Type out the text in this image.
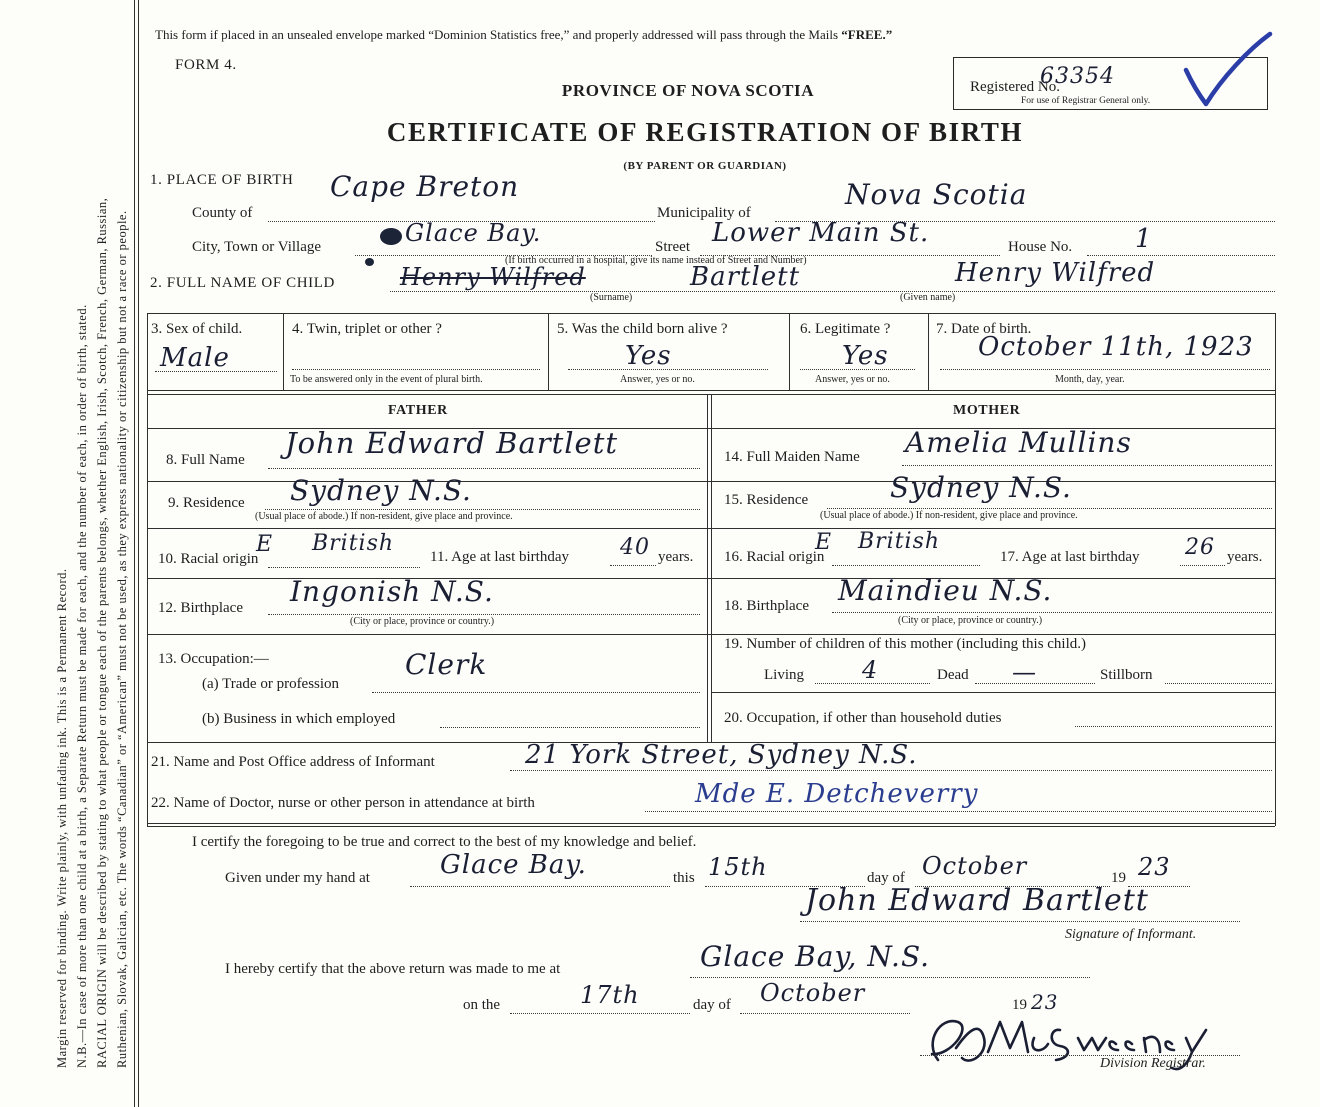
Margin reserved for binding. Write plainly, with unfading ink. This is a Permanent Record. N.B.—In case of more than one child at a birth, a Separate Return must be made for each, and the number of each, in order of birth, stated. RACIAL ORIGIN will be described by stating to what people or tongue each of the parents belongs, whether English, Irish, Scotch, French, German, Russian, Ruthenian, Slovak, Galician, etc. The words “Canadian” or “American” must not be used, as they express nationality or citizenship but not a race or people.
This form if placed in an unsealed envelope marked “Dominion Statistics free,” and properly addressed will pass through the Mails “FREE.”
FORM 4.
Registered No.
63354
For use of Registrar General only.
PROVINCE OF NOVA SCOTIA
CERTIFICATE OF REGISTRATION OF BIRTH
(BY PARENT OR GUARDIAN)
1. PLACE OF BIRTH Cape Breton
County of	Municipality of
Nova Scotia
City, Town or Village	Glace Bay.	Street Lower Main St.	House No. 1
(If birth occurred in a hospital, give its name instead of Street and Number)
2. FULL NAME OF CHILD	Henry Wilfred	Bartlett	Henry Wilfred
(Surname)	(Given name)
3. Sex of child.
Male
4. Twin, triplet or other ?
To be answered only in the event of plural birth.
5. Was the child born alive ?
Yes
Answer, yes or no.
6. Legitimate ?
Yes
Answer, yes or no.
7. Date of birth.
October 11th, 1923
Month, day, year.
FATHER	MOTHER
8. Full Name John Edward Bartlett
9. Residence Sydney N.S.
(Usual place of abode.) If non-resident, give place and province.
10. Racial origin
E British
11. Age at last birthday 40 years.
12. Birthplace Ingonish N.S.
(City or place, province or country.)
13. Occupation:—
(a) Trade or profession
Clerk
(b) Business in which employed
14. Full Maiden Name Amelia Mullins
15. Residence	Sydney N.S.
(Usual place of abode.) If non-resident, give place and province.
16. Racial origin
E British
17. Age at last birthday 26 years.
18. Birthplace Maindieu N.S.
(City or place, province or country.)
19. Number of children of this mother (including this child.)
Living 4	Dead —	Stillborn
20. Occupation, if other than household duties
21. Name and Post Office address of Informant	21 York Street, Sydney N.S.
22. Name of Doctor, nurse or other person in attendance at birth	Mde E. Detcheverry
I certify the foregoing to be true and correct to the best of my knowledge and belief.
Given under my hand at	Glace Bay.	this 15th	day of October	19 23
John Edward Bartlett
Signature of Informant.
I hereby certify that the above return was made to me at	Glace Bay, N.S.
on the	17th	day of October	19 23
Division Registrar.
